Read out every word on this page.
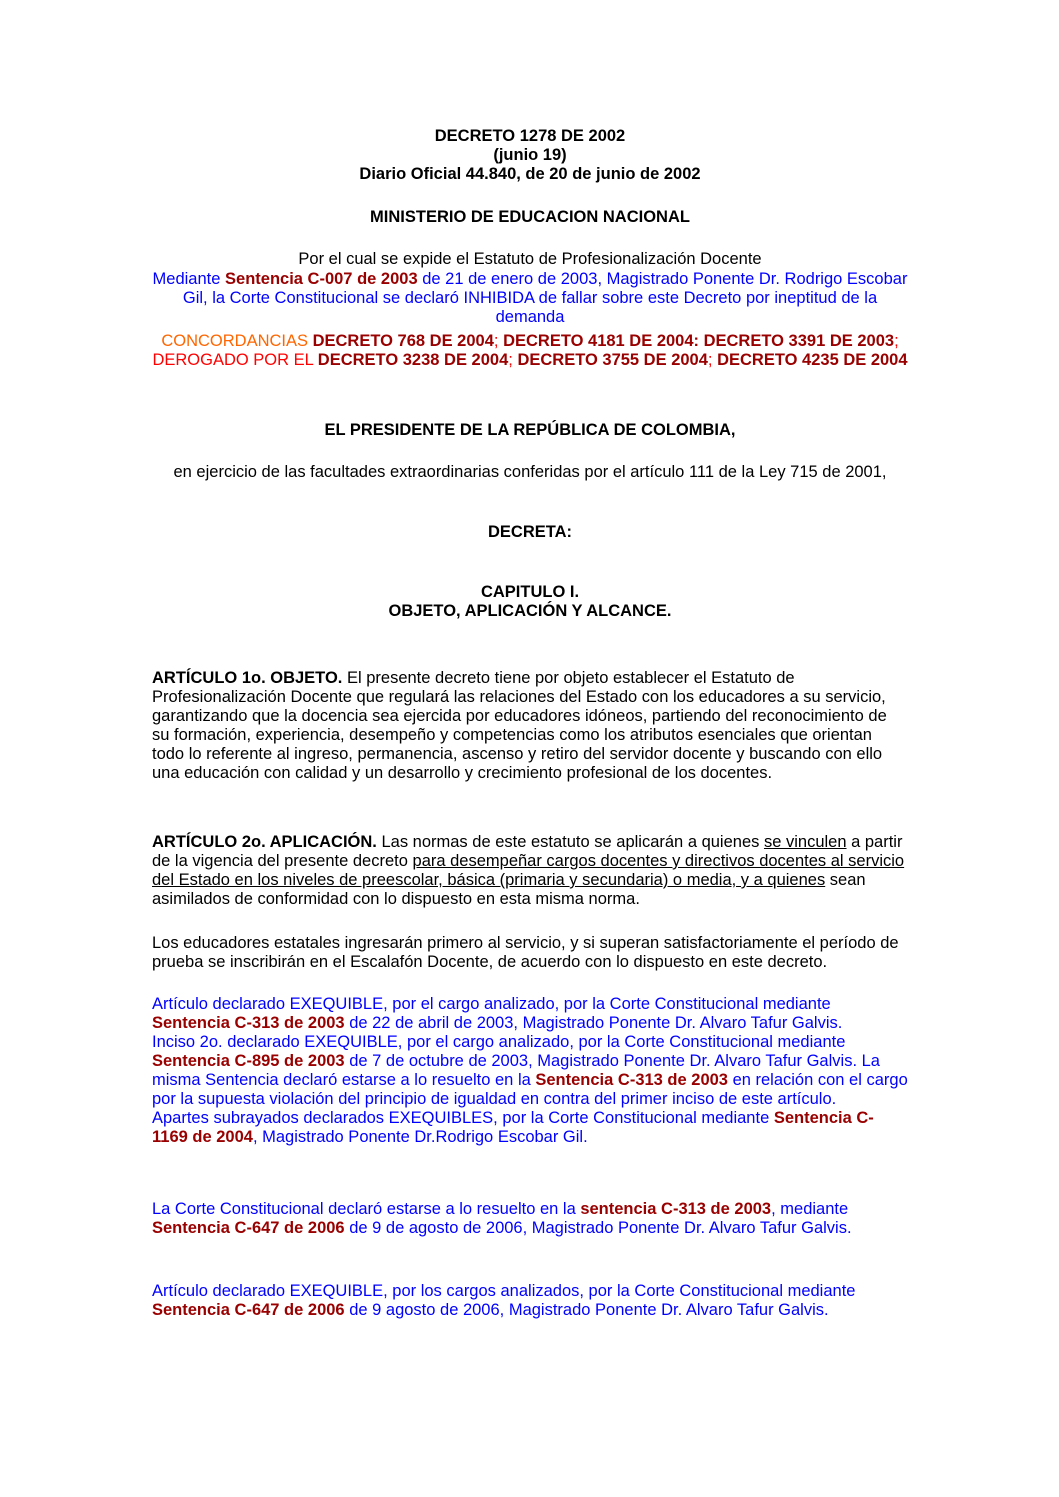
DECRETO 1278 DE 2002
(junio 19)
Diario Oficial 44.840, de 20 de junio de 2002
MINISTERIO DE EDUCACION NACIONAL
Por el cual se expide el Estatuto de Profesionalización Docente
Mediante Sentencia C-007 de 2003 de 21 de enero de 2003, Magistrado Ponente Dr. Rodrigo Escobar Gil, la Corte Constitucional se declaró INHIBIDA de fallar sobre este Decreto por ineptitud de la demanda
CONCORDANCIAS DECRETO 768 DE 2004; DECRETO 4181 DE 2004: DECRETO 3391 DE 2003; DEROGADO POR EL DECRETO 3238 DE 2004; DECRETO 3755 DE 2004; DECRETO 4235 DE 2004
EL PRESIDENTE DE LA REPÚBLICA DE COLOMBIA,
en ejercicio de las facultades extraordinarias conferidas por el artículo 111 de la Ley 715 de 2001,
DECRETA:
CAPITULO I.
OBJETO, APLICACIÓN Y ALCANCE.
ARTÍCULO 1o. OBJETO. El presente decreto tiene por objeto establecer el Estatuto de Profesionalización Docente que regulará las relaciones del Estado con los educadores a su servicio, garantizando que la docencia sea ejercida por educadores idóneos, partiendo del reconocimiento de su formación, experiencia, desempeño y competencias como los atributos esenciales que orientan todo lo referente al ingreso, permanencia, ascenso y retiro del servidor docente y buscando con ello una educación con calidad y un desarrollo y crecimiento profesional de los docentes.
ARTÍCULO 2o. APLICACIÓN. Las normas de este estatuto se aplicarán a quienes se vinculen a partir de la vigencia del presente decreto para desempeñar cargos docentes y directivos docentes al servicio del Estado en los niveles de preescolar, básica (primaria y secundaria) o media, y a quienes sean asimilados de conformidad con lo dispuesto en esta misma norma.
Los educadores estatales ingresarán primero al servicio, y si superan satisfactoriamente el período de prueba se inscribirán en el Escalafón Docente, de acuerdo con lo dispuesto en este decreto.
Artículo declarado EXEQUIBLE, por el cargo analizado, por la Corte Constitucional mediante Sentencia C-313 de 2003 de 22 de abril de 2003, Magistrado Ponente Dr. Alvaro Tafur Galvis.
Inciso 2o. declarado EXEQUIBLE, por el cargo analizado, por la Corte Constitucional mediante Sentencia C-895 de 2003 de 7 de octubre de 2003, Magistrado Ponente Dr. Alvaro Tafur Galvis. La misma Sentencia declaró estarse a lo resuelto en la Sentencia C-313 de 2003 en relación con el cargo por la supuesta violación del principio de igualdad en contra del primer inciso de este artículo.
Apartes subrayados declarados EXEQUIBLES, por la Corte Constitucional mediante Sentencia C-1169 de 2004, Magistrado Ponente Dr.Rodrigo Escobar Gil.
La Corte Constitucional declaró estarse a lo resuelto en la sentencia C-313 de 2003, mediante Sentencia C-647 de 2006 de 9 de agosto de 2006, Magistrado Ponente Dr. Alvaro Tafur Galvis.
Artículo declarado EXEQUIBLE, por los cargos analizados, por la Corte Constitucional mediante Sentencia C-647 de 2006 de 9 agosto de 2006, Magistrado Ponente Dr. Alvaro Tafur Galvis.
